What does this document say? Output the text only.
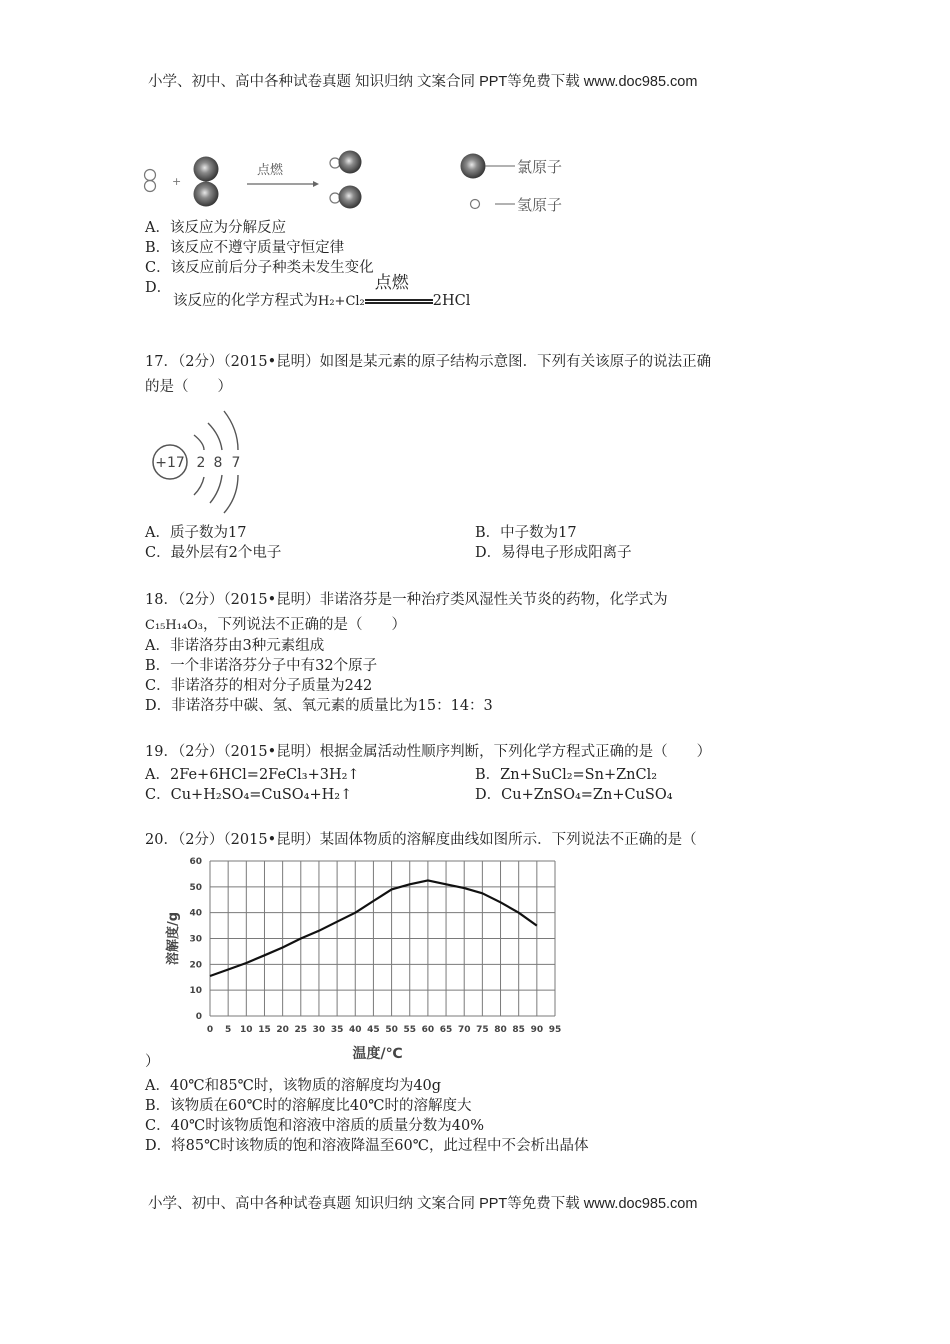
小学、初中、高中各种试卷真题 知识归纳 文案合同 PPT等免费下载 www.doc985.com
+
点燃	氯原子
氢原子
A．该反应为分解反应
B．该反应不遵守质量守恒定律
C．该反应前后分子种类未发生变化
D．
该反应的化学方程式为H₂+Cl₂
点燃
2HCl
17．（2分）（2015•昆明）如图是某元素的原子结构示意图．下列有关该原子的说法正确
的是（　　）
+17 2 8 7
A．质子数为17	B．中子数为17
C．最外层有2个电子	D．易得电子形成阳离子
18．（2分）（2015•昆明）非诺洛芬是一种治疗类风湿性关节炎的药物，化学式为
C₁₅H₁₄O₃，下列说法不正确的是（　　）
A．非诺洛芬由3种元素组成
B．一个非诺洛芬分子中有32个原子
C．非诺洛芬的相对分子质量为242
D．非诺洛芬中碳、氢、氧元素的质量比为15：14：3
19．（2分）（2015•昆明）根据金属活动性顺序判断，下列化学方程式正确的是（　　）
A．2Fe+6HCl=2FeCl₃+3H₂↑	B．Zn+SuCl₂=Sn+ZnCl₂
C．Cu+H₂SO₄=CuSO₄+H₂↑	D．Cu+ZnSO₄=Zn+CuSO₄
20．（2分）（2015•昆明）某固体物质的溶解度曲线如图所示．下列说法不正确的是（
0 5 10 15 20 25 30 35 40 45 50 55 60 65 70 75 80 85 90 95
0
10
20
30
40
50
60
温度/℃
溶解度/g
）
A．40℃和85℃时，该物质的溶解度均为40g
B．该物质在60℃时的溶解度比40℃时的溶解度大
C．40℃时该物质饱和溶液中溶质的质量分数为40%
D．将85℃时该物质的饱和溶液降温至60℃，此过程中不会析出晶体
小学、初中、高中各种试卷真题 知识归纳 文案合同 PPT等免费下载 www.doc985.com
